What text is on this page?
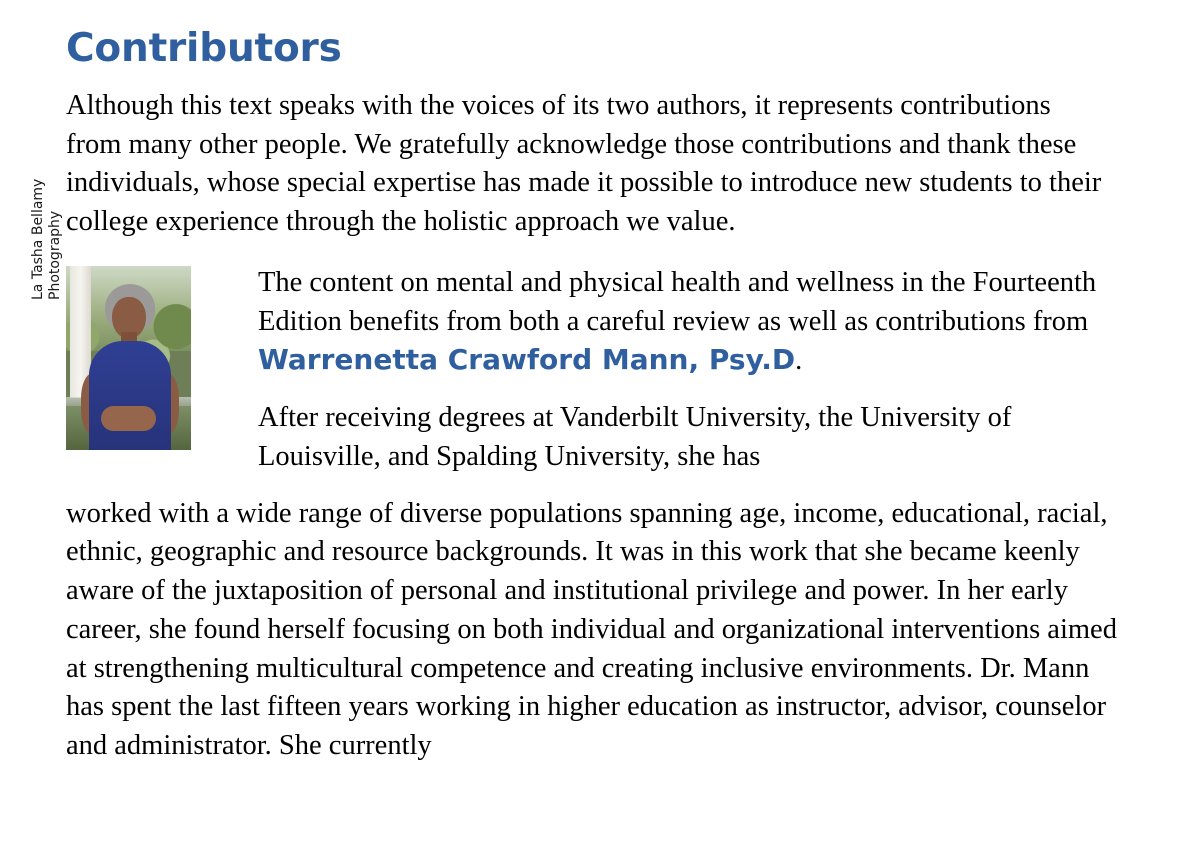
Contributors

Although this text speaks with the voices of its two authors, it represents contributions from many other people. We gratefully acknowledge those contributions and thank these individuals, whose special expertise has made it possible to introduce new students to their college experience through the holistic approach we value.

La Tasha Bellamy Photography	The content on mental and physical health and wellness in the Fourteenth Edition benefits from both a careful review as well as contributions from Warrenetta Crawford Mann, Psy.D.

After receiving degrees at Vanderbilt University, the University of Louisville, and Spalding University, she has

worked with a wide range of diverse populations spanning age, income, educational, racial, ethnic, geographic and resource backgrounds. It was in this work that she became keenly aware of the juxtaposition of personal and institutional privilege and power. In her early career, she found herself focusing on both individual and organizational interventions aimed at strengthening multicultural competence and creating inclusive environments. Dr. Mann has spent the last fifteen years working in higher education as instructor, advisor, counselor and administrator. She currently
